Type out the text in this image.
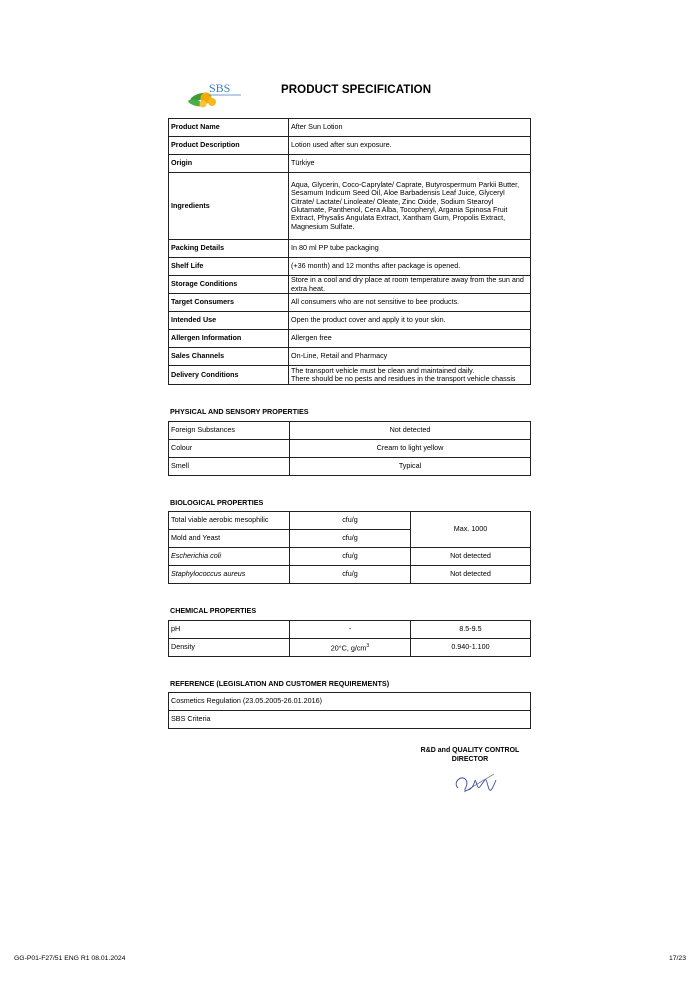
SBS	PRODUCT SPECIFICATION
Product Name	After Sun Lotion
Product Description	Lotion used after sun exposure.
Origin	Türkiye
Ingredients	Aqua, Glycerin, Coco-Caprylate/ Caprate, Butyrospermum Parkii Butter, Sesamum Indicum Seed Oil, Aloe Barbadensis Leaf Juice, Glyceryl Citrate/ Lactate/ Linoleate/ Oleate, Zinc Oxide, Sodium Stearoyl Glutamate, Panthenol, Cera Alba, Tocopheryl, Argania Spinosa Fruit Extract, Physalis Angulata Extract, Xantham Gum, Propolis Extract, Magnesium Sulfate.
Packing Details	In 80 ml PP tube packaging
Shelf Life	(+36 month) and 12 months after package is opened.
Storage Conditions	Store in a cool and dry place at room temperature away from the sun and extra heat.
Target Consumers	All consumers who are not sensitive to bee products.
Intended Use	Open the product cover and apply it to your skin.
Allergen Information	Allergen free
Sales Channels	On-Line, Retail and Pharmacy
Delivery Conditions	The transport vehicle must be clean and maintained daily.
There should be no pests and residues in the transport vehicle chassis
PHYSICAL AND SENSORY PROPERTIES
Foreign Substances	Not detected
Colour	Cream to light yellow
Smell	Typical
BIOLOGICAL PROPERTIES
Total viable aerobic mesophilic	cfu/g	Max. 1000
Mold and Yeast	cfu/g	
Escherichia coli	cfu/g	Not detected
Staphylococcus aureus	cfu/g	Not detected
CHEMICAL PROPERTIES
pH	-	8.5-9.5
Density	20°C, $g/cm^3$	0.940-1.100
REFERENCE (LEGISLATION AND CUSTOMER REQUIREMENTS)
Cosmetics Regulation (23.05.2005-26.01.2016)
SBS Criteria
R&D and QUALITY CONTROL
DIRECTOR
GG-P01-F27/51 ENG R1 08.01.2024	17/23
